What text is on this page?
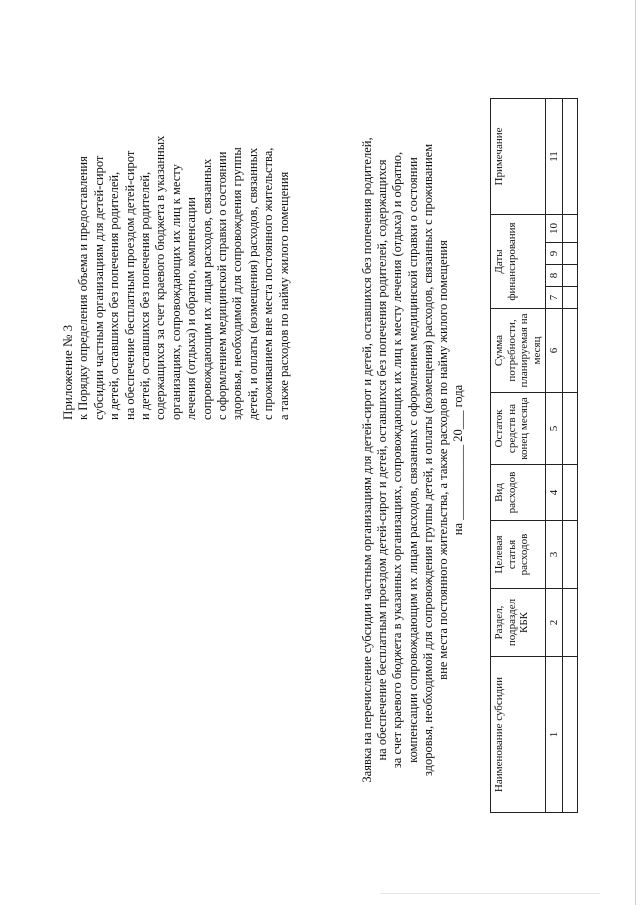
Приложение № 3 к Порядку определения объема и предоставления субсидии частным организациям для детей-сирот и детей, оставшихся без попечения родителей, на обеспечение бесплатным проездом детей-сирот и детей, оставшихся без попечения родителей, содержащихся за счет краевого бюджета в указанных организациях, сопровождающих их лиц к месту лечения (отдыха) и обратно, компенсации сопровождающим их лицам расходов, связанных с оформлением медицинской справки о состоянии здоровья, необходимой для сопровождения группы детей, и оплаты (возмещения) расходов, связанных с проживанием вне места постоянного жительства, а также расходов по найму жилого помещения	Заявка на перечисление субсидии частным организациям для детей-сирот и детей, оставшихся без попечения родителей, на обеспечение бесплатным проездом детей-сирот и детей, оставшихся без попечения родителей, содержащихся за счет краевого бюджета в указанных организациях, сопровождающих их лиц к месту лечения (отдыха) и обратно, компенсации сопровождающим их лицам расходов, связанных с оформлением медицинской справки о состоянии здоровья, необходимой для сопровождения группы детей, и оплаты (возмещения) расходов, связанных с проживанием вне места постоянного жительства, а также расходов по найму жилого помещения на ____________ 20___ года
Наименование субсидии	Раздел, подраздел КБК	Целевая статья расходов	Вид расходов	Остаток средств на конец месяца	Сумма потребности, планируемая на месяц	Даты финансирования				Примечание
1	2	3	4	5	6	7	8	9	10	11
